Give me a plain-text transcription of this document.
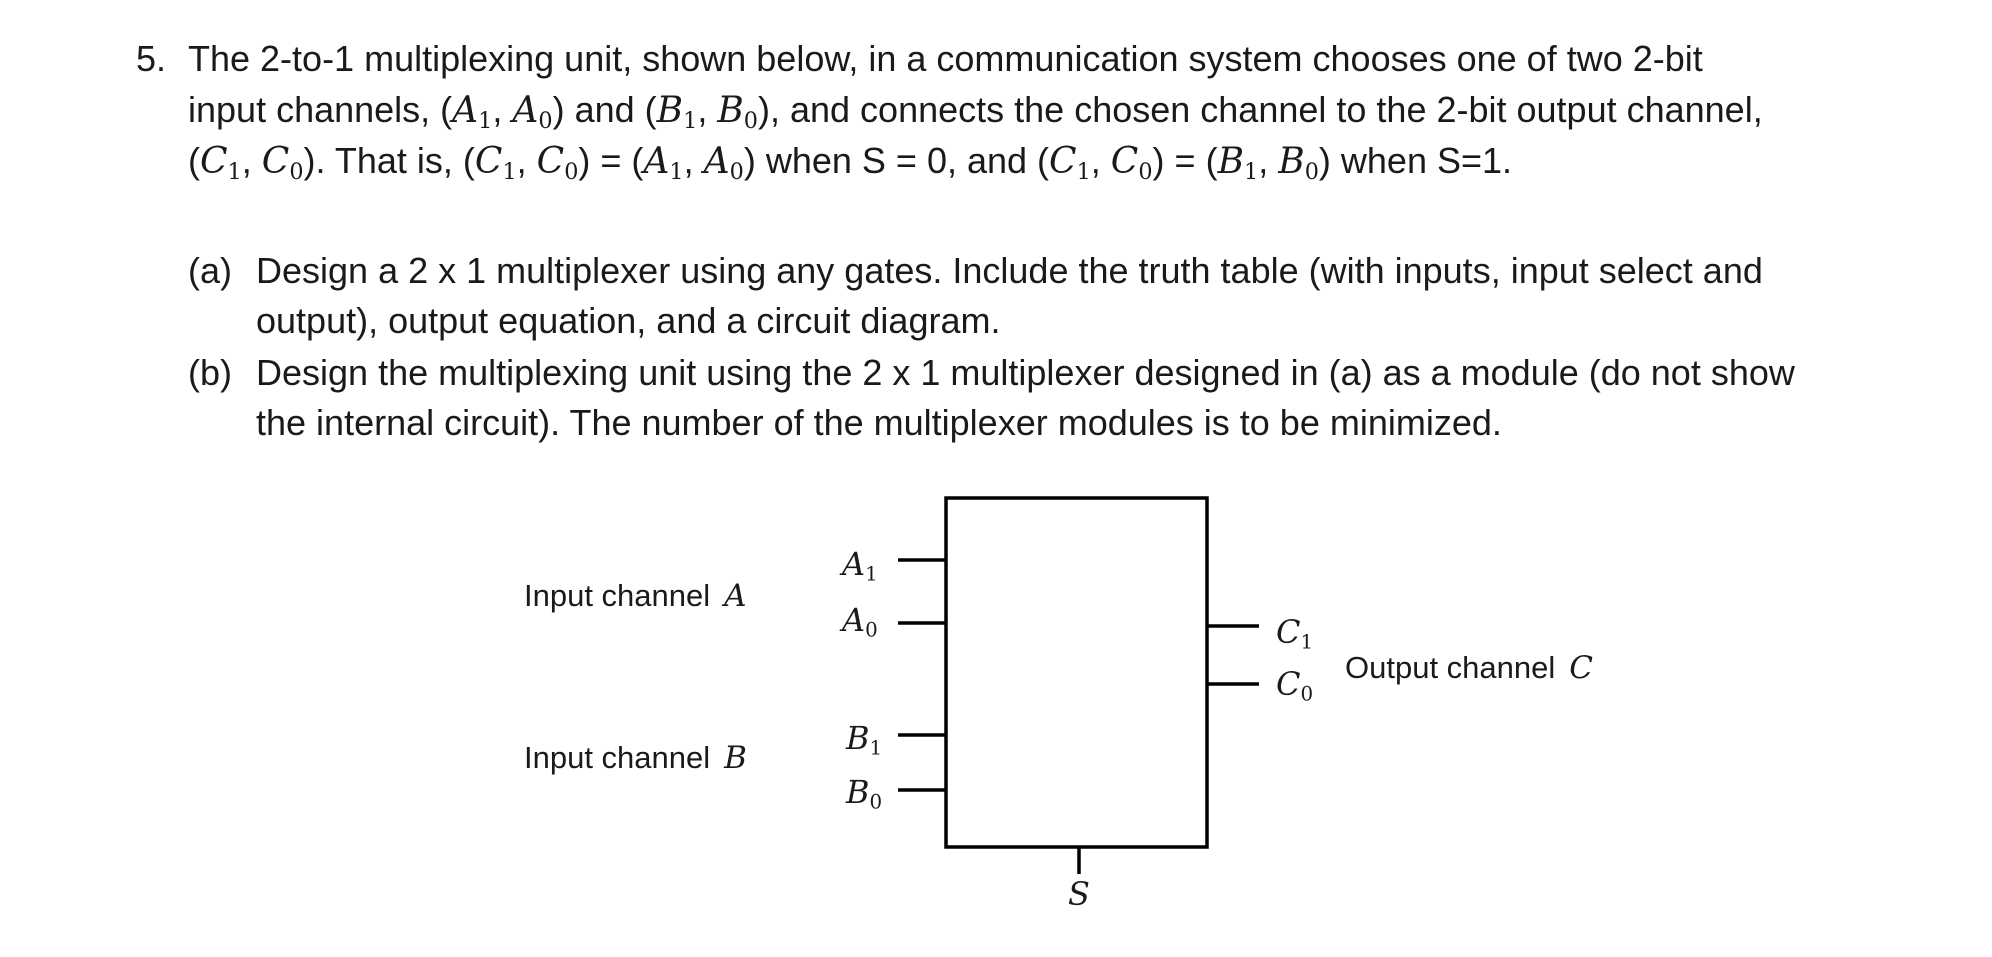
5. The 2-to-1 multiplexing unit, shown below, in a communication system chooses one of two 2-bit
input channels, ($A_1$, $A_0$) and ($B_1$, $B_0$), and connects the chosen channel to the 2-bit output channel,
($C_1$, $C_0$). That is, ($C_1$, $C_0) = (A_1$, $A_0$) when S = 0, and ($C_1$, $C_0) = (B_1$, $B_0$) when S=1.
(a) Design a 2 x 1 multiplexer using any gates. Include the truth table (with inputs, input select and
output), output equation, and a circuit diagram.
(b) Design the multiplexing unit using the 2 x 1 multiplexer designed in (a) as a module (do not show
the internal circuit). The number of the multiplexer modules is to be minimized.
Input channel A
Input channel B
Output channel C
$A_1$
$A_0$
$B_1$
$B_0$
$C_1$
$C_0$
S
